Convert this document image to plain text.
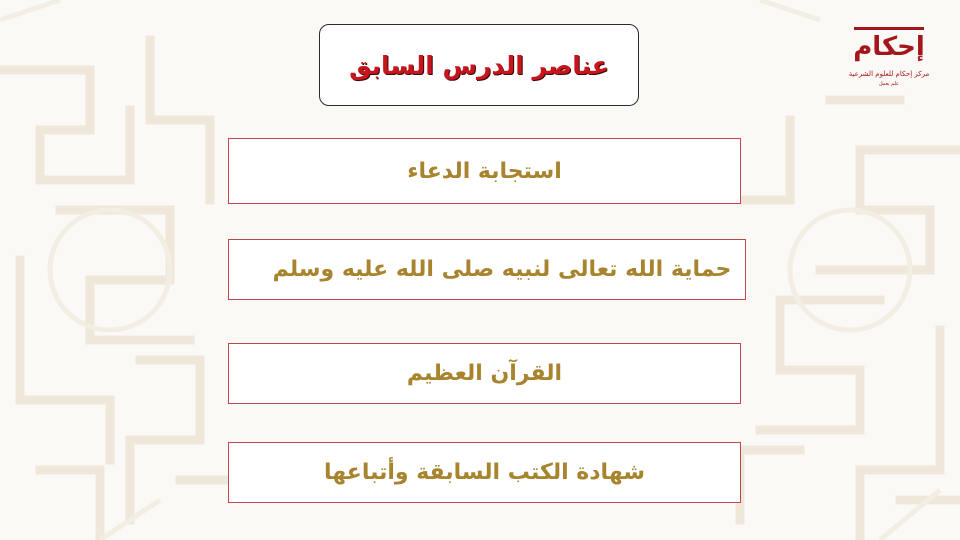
عناصر الدرس السابق
استجابة الدعاء
حماية الله تعالى لنبيه صلى الله عليه وسلم
القرآن العظيم
شهادة الكتب السابقة وأتباعها
إحكام
مركز إحكام للعلوم الشرعية
علم يعمل
